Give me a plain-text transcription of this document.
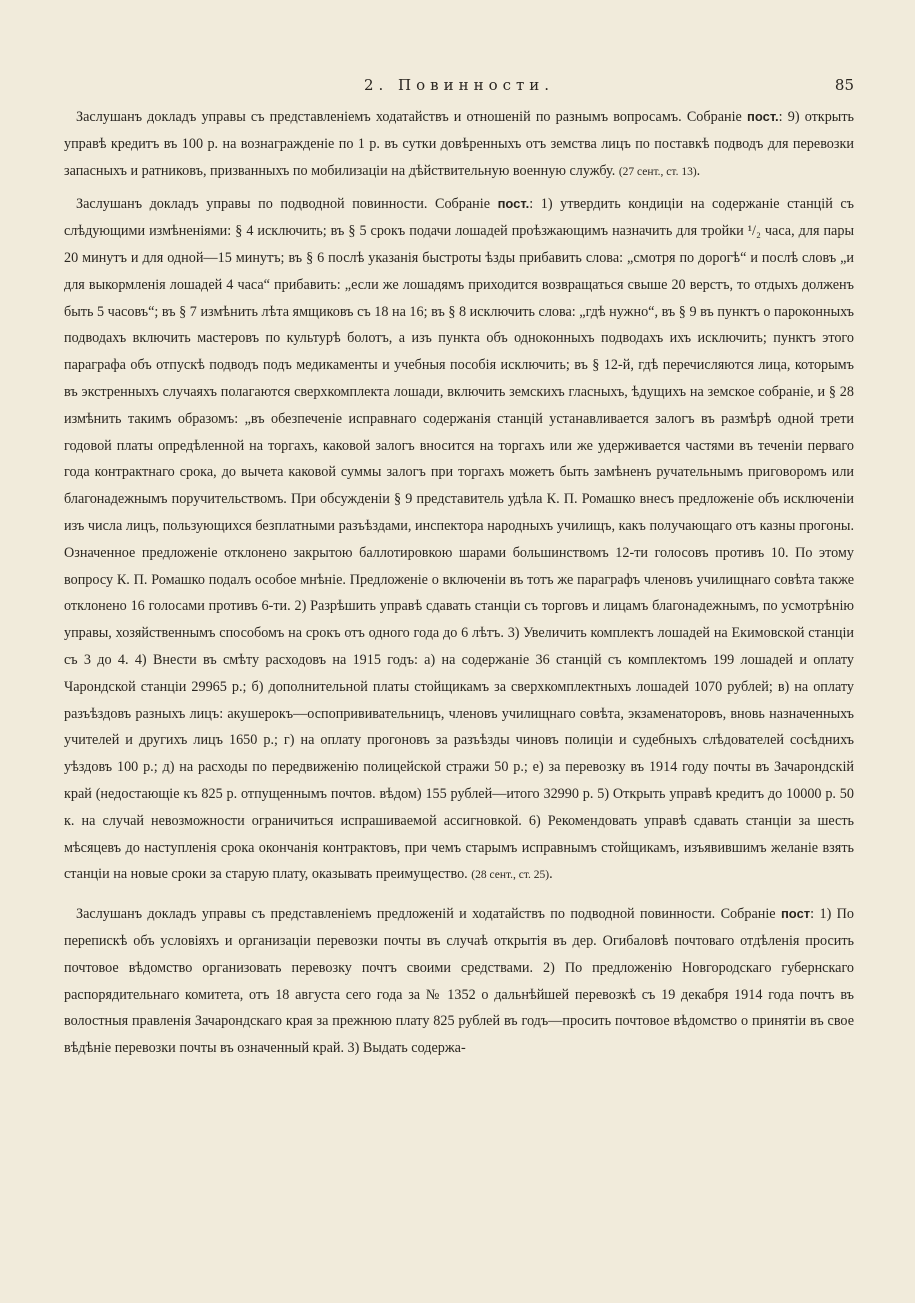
2. Повинности.	85

Заслушанъ докладъ управы съ представленіемъ ходатайствъ и отношеній по разнымъ вопросамъ. Собраніе пост.: 9) открыть управѣ кредитъ въ 100 р. на вознагражденіе по 1 р. въ сутки довѣренныхъ отъ земства лицъ по поставкѣ подводъ для перевозки запасныхъ и ратниковъ, призванныхъ по мобилизаціи на дѣйствительную военную службу. (27 сент., ст. 13).

Заслушанъ докладъ управы по подводной повинности. Собраніе пост.: 1) утвердить кондиціи на содержаніе станцій съ слѣдующими измѣненіями: § 4 исключить; въ § 5 срокъ подачи лошадей проѣзжающимъ назначить для тройки ¹/₂ часа, для пары 20 минутъ и для одной—15 минутъ; въ § 6 послѣ указанія быстроты ѣзды прибавить слова: „смотря по дорогѣ“ и послѣ словъ „и для выкормленія лошадей 4 часа“ прибавить: „если же лошадямъ приходится возвращаться свыше 20 верстъ, то отдыхъ долженъ быть 5 часовъ“; въ § 7 измѣнить лѣта ямщиковъ съ 18 на 16; въ § 8 исключить слова: „гдѣ нужно“, въ § 9 въ пунктъ о пароконныхъ подводахъ включить мастеровъ по культурѣ болотъ, а изъ пункта объ одноконныхъ подводахъ ихъ исключить; пунктъ этого параграфа объ отпускѣ подводъ подъ медикаменты и учебныя пособія исключить; въ § 12-й, гдѣ перечисляются лица, которымъ въ экстренныхъ случаяхъ полагаются сверхкомплекта лошади, включить земскихъ гласныхъ, ѣдущихъ на земское собраніе, и § 28 измѣнить такимъ образомъ: „въ обезпеченіе исправнаго содержанія станцій устанавливается залогъ въ размѣрѣ одной трети годовой платы опредѣленной на торгахъ, каковой залогъ вносится на торгахъ или же удерживается частями въ теченіи перваго года контрактнаго срока, до вычета каковой суммы залогъ при торгахъ можетъ быть замѣненъ ручательнымъ приговоромъ или благонадежнымъ поручительствомъ. При обсужденіи § 9 представитель удѣла К. П. Ромашко внесъ предложеніе объ исключеніи изъ числа лицъ, пользующихся безплатными разъѣздами, инспектора народныхъ училищъ, какъ получающаго отъ казны прогоны. Означенное предложеніе отклонено закрытою баллотировкою шарами большинствомъ 12-ти голосовъ противъ 10. По этому вопросу К. П. Ромашко подалъ особое мнѣніе. Предложеніе о включеніи въ тотъ же параграфъ членовъ училищнаго совѣта также отклонено 16 голосами противъ 6-ти. 2) Разрѣшить управѣ сдавать станціи съ торговъ и лицамъ благонадежнымъ, по усмотрѣнію управы, хозяйственнымъ способомъ на срокъ отъ одного года до 6 лѣтъ. 3) Увеличить комплектъ лошадей на Екимовской станціи съ 3 до 4. 4) Внести въ смѣту расходовъ на 1915 годъ: а) на содержаніе 36 станцій съ комплектомъ 199 лошадей и оплату Чарондской станціи 29965 р.; б) дополнительной платы стойщикамъ за сверхкомплектныхъ лошадей 1070 рублей; в) на оплату разъѣздовъ разныхъ лицъ: акушерокъ—оспопрививательницъ, членовъ училищнаго совѣта, экзаменаторовъ, вновь назначенныхъ учителей и другихъ лицъ 1650 р.; г) на оплату прогоновъ за разъѣзды чиновъ полиціи и судебныхъ слѣдователей сосѣднихъ уѣздовъ 100 р.; д) на расходы по передвиженію полицейской стражи 50 р.; е) за перевозку въ 1914 году почты въ Зачарондскій край (недостающіе къ 825 р. отпущеннымъ почтов. вѣдом) 155 рублей—итого 32990 р. 5) Открыть управѣ кредитъ до 10000 р. 50 к. на случай невозможности ограничиться испрашиваемой ассигновкой. 6) Рекомендовать управѣ сдавать станціи за шесть мѣсяцевъ до наступленія срока окончанія контрактовъ, при чемъ старымъ исправнымъ стойщикамъ, изъявившимъ желаніе взять станціи на новые сроки за старую плату, оказывать преимущество. (28 сент., ст. 25).

Заслушанъ докладъ управы съ представленіемъ предложеній и ходатайствъ по подводной повинности. Собраніе пост: 1) По перепискѣ объ условіяхъ и организаціи перевозки почты въ случаѣ открытія въ дер. Огибаловѣ почтоваго отдѣленія просить почтовое вѣдомство организовать перевозку почтъ своими средствами. 2) По предложенію Новгородскаго губернскаго распорядительнаго комитета, отъ 18 августа сего года за № 1352 о дальнѣйшей перевозкѣ съ 19 декабря 1914 года почтъ въ волостныя правленія Зачарондскаго края за прежнюю плату 825 рублей въ годъ—просить почтовое вѣдомство о принятіи въ свое вѣдѣніе перевозки почты въ означенный край. 3) Выдать содержа-
